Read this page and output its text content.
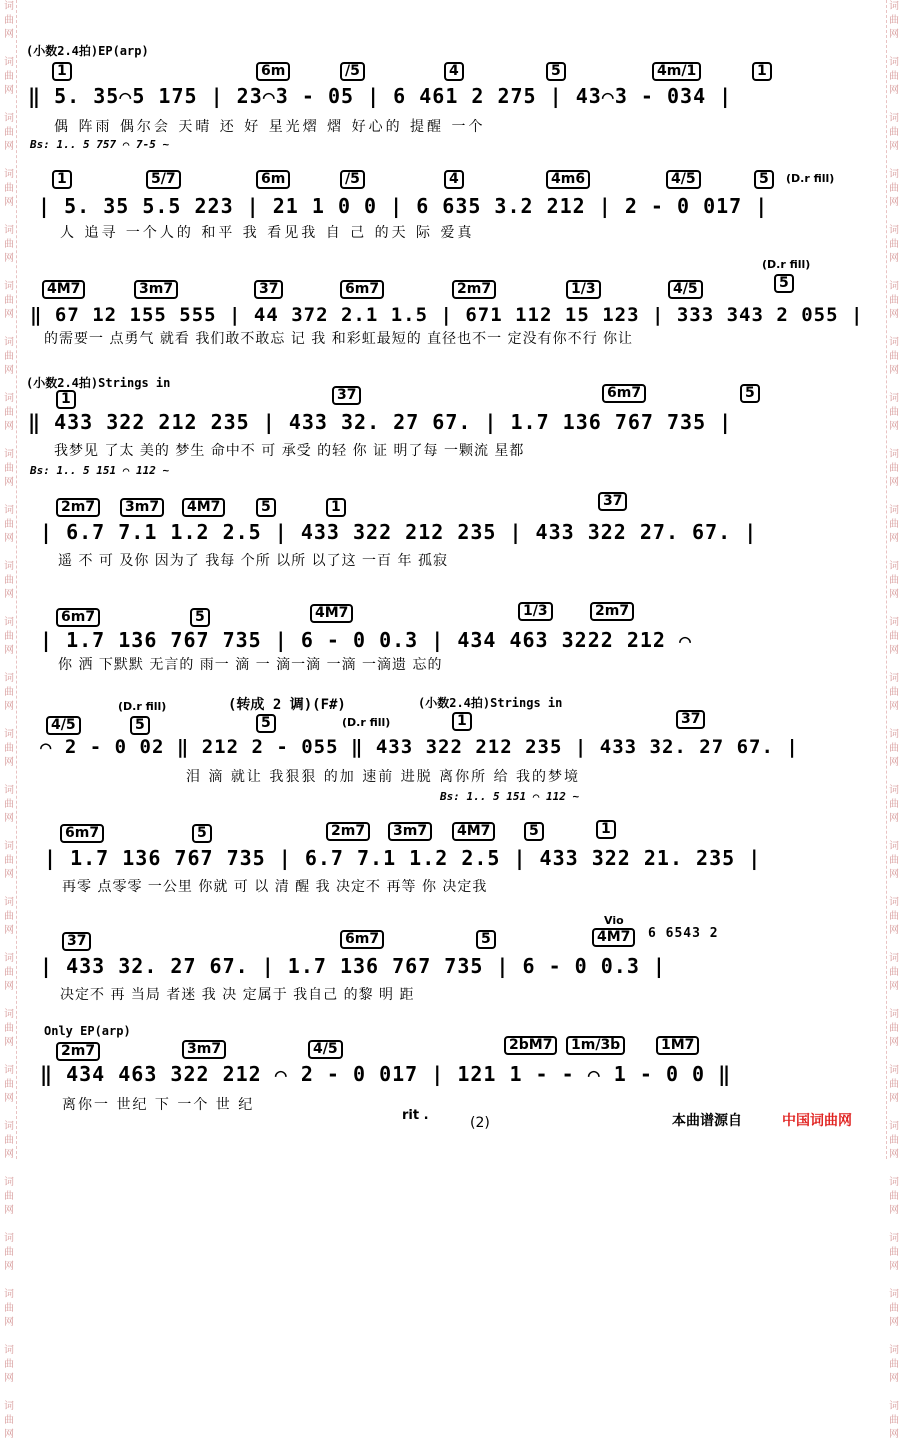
词
曲
网

词
曲
网

词
曲
网

词
曲
网

词
曲
网

词
曲
网

词
曲
网

词
曲
网

词
曲
网

词
曲
网

词
曲
网

词
曲
网

词
曲
网

词
曲
网

词
曲
网

词
曲
网

词
曲
网

词
曲
网

词
曲
网

词
曲
网

词
曲
网

词
曲
网

词
曲
网

词
曲
网

词
曲
网

词
曲
网

词
曲
网

词
曲
网

词
曲
网

词
曲
网

词
曲
网

词
曲
网

词
曲
网

词
曲
网

词
曲
网

词
曲
网

词
曲
网

词
曲
网

词
曲
网

词
曲
网

词
曲
网

词
曲
网

词
曲
网

词
曲
网

词
曲
网

词
曲
网

词
曲
网

词
曲
网

词
曲
网

词
曲
网

词
曲
网

词
曲
网

(小数2.4拍)EP(arp)
1	6m	/5	4	5	4m/1	1
‖ 5. 35⌒5 175 | 23⌒3 - 05 | 6 461 2 275 | 43⌒3 - 034 |
偶 阵雨 偶尔会 天晴 还 好 星光熠 熠 好心的 提醒 一个
Bs: 1.. 5 757 ⌒ 7-5 ~
1	5/7	6m	/5	4	4m6	4/5	5	(D.r fill)
| 5. 35 5.5 223 | 21 1 0 0 | 6 635 3.2 212 | 2 - 0 017 |
人 追寻 一个人的 和平 我 看见我 自 己 的天 际 爱真
(D.r fill)
4M7	3m7	37	6m7	2m7	1/3	4/5	5
‖ 67 12 155 555 | 44 372 2.1 1.5 | 671 112 15 123 | 333 343 2 055 |
的需要一 点勇气 就看 我们敢不敢忘 记 我 和彩虹最短的 直径也不一 定没有你不行 你让
(小数2.4拍)Strings in
1	37	6m7	5
‖ 433 322 212 235 | 433 32. 27 67. | 1.7 136 767 735 |
我梦见 了太 美的 梦生 命中不 可 承受 的轻 你 证 明了每 一颗流 星都
Bs: 1.. 5 151 ⌒ 112 ~
2m7	3m7	4M7	5	1	37
| 6.7 7.1 1.2 2.5 | 433 322 212 235 | 433 322 27. 67. |
遥 不 可 及你 因为了 我每 个所 以所 以了这 一百 年 孤寂
6m7	5	4M7	1/3	2m7
| 1.7 136 767 735 | 6 - 0 0.3 | 434 463 3222 212 ⌒
你 洒 下默默 无言的 雨一 滴 一 滴一滴 一滴 一滴遗 忘的
(D.r fill)	(转成 2 调)(F#)	(小数2.4拍)Strings in
(D.r fill)
4/5	5	5	1	37
⌒ 2 - 0 02 ‖ 212 2 - 055 ‖ 433 322 212 235 | 433 32. 27 67. |
泪 滴 就让 我狠狠 的加 速前 进脱 离你所 给 我的梦境
Bs: 1.. 5 151 ⌒ 112 ~
6m7	5	2m7	3m7	4M7	5	1
| 1.7 136 767 735 | 6.7 7.1 1.2 2.5 | 433 322 21. 235 |
再零 点零零 一公里 你就 可 以 清 醒 我 决定不 再等 你 决定我
Vio
37	6m7	5	4M7	6 6543 2
| 433 32. 27 67. | 1.7 136 767 735 | 6 - 0 0.3 |
决定不 再 当局 者迷 我 决 定属于 我自己 的黎 明 距
Only EP(arp)
2m7	3m7	4/5	2bM7	1m/3b	1M7
‖ 434 463 322 212 ⌒ 2 - 0 017 | 121 1 - - ⌒ 1 - 0 0 ‖
离你一 世纪 下 一个 世 纪
rit .	(2)	本曲谱源自	中国词曲网
